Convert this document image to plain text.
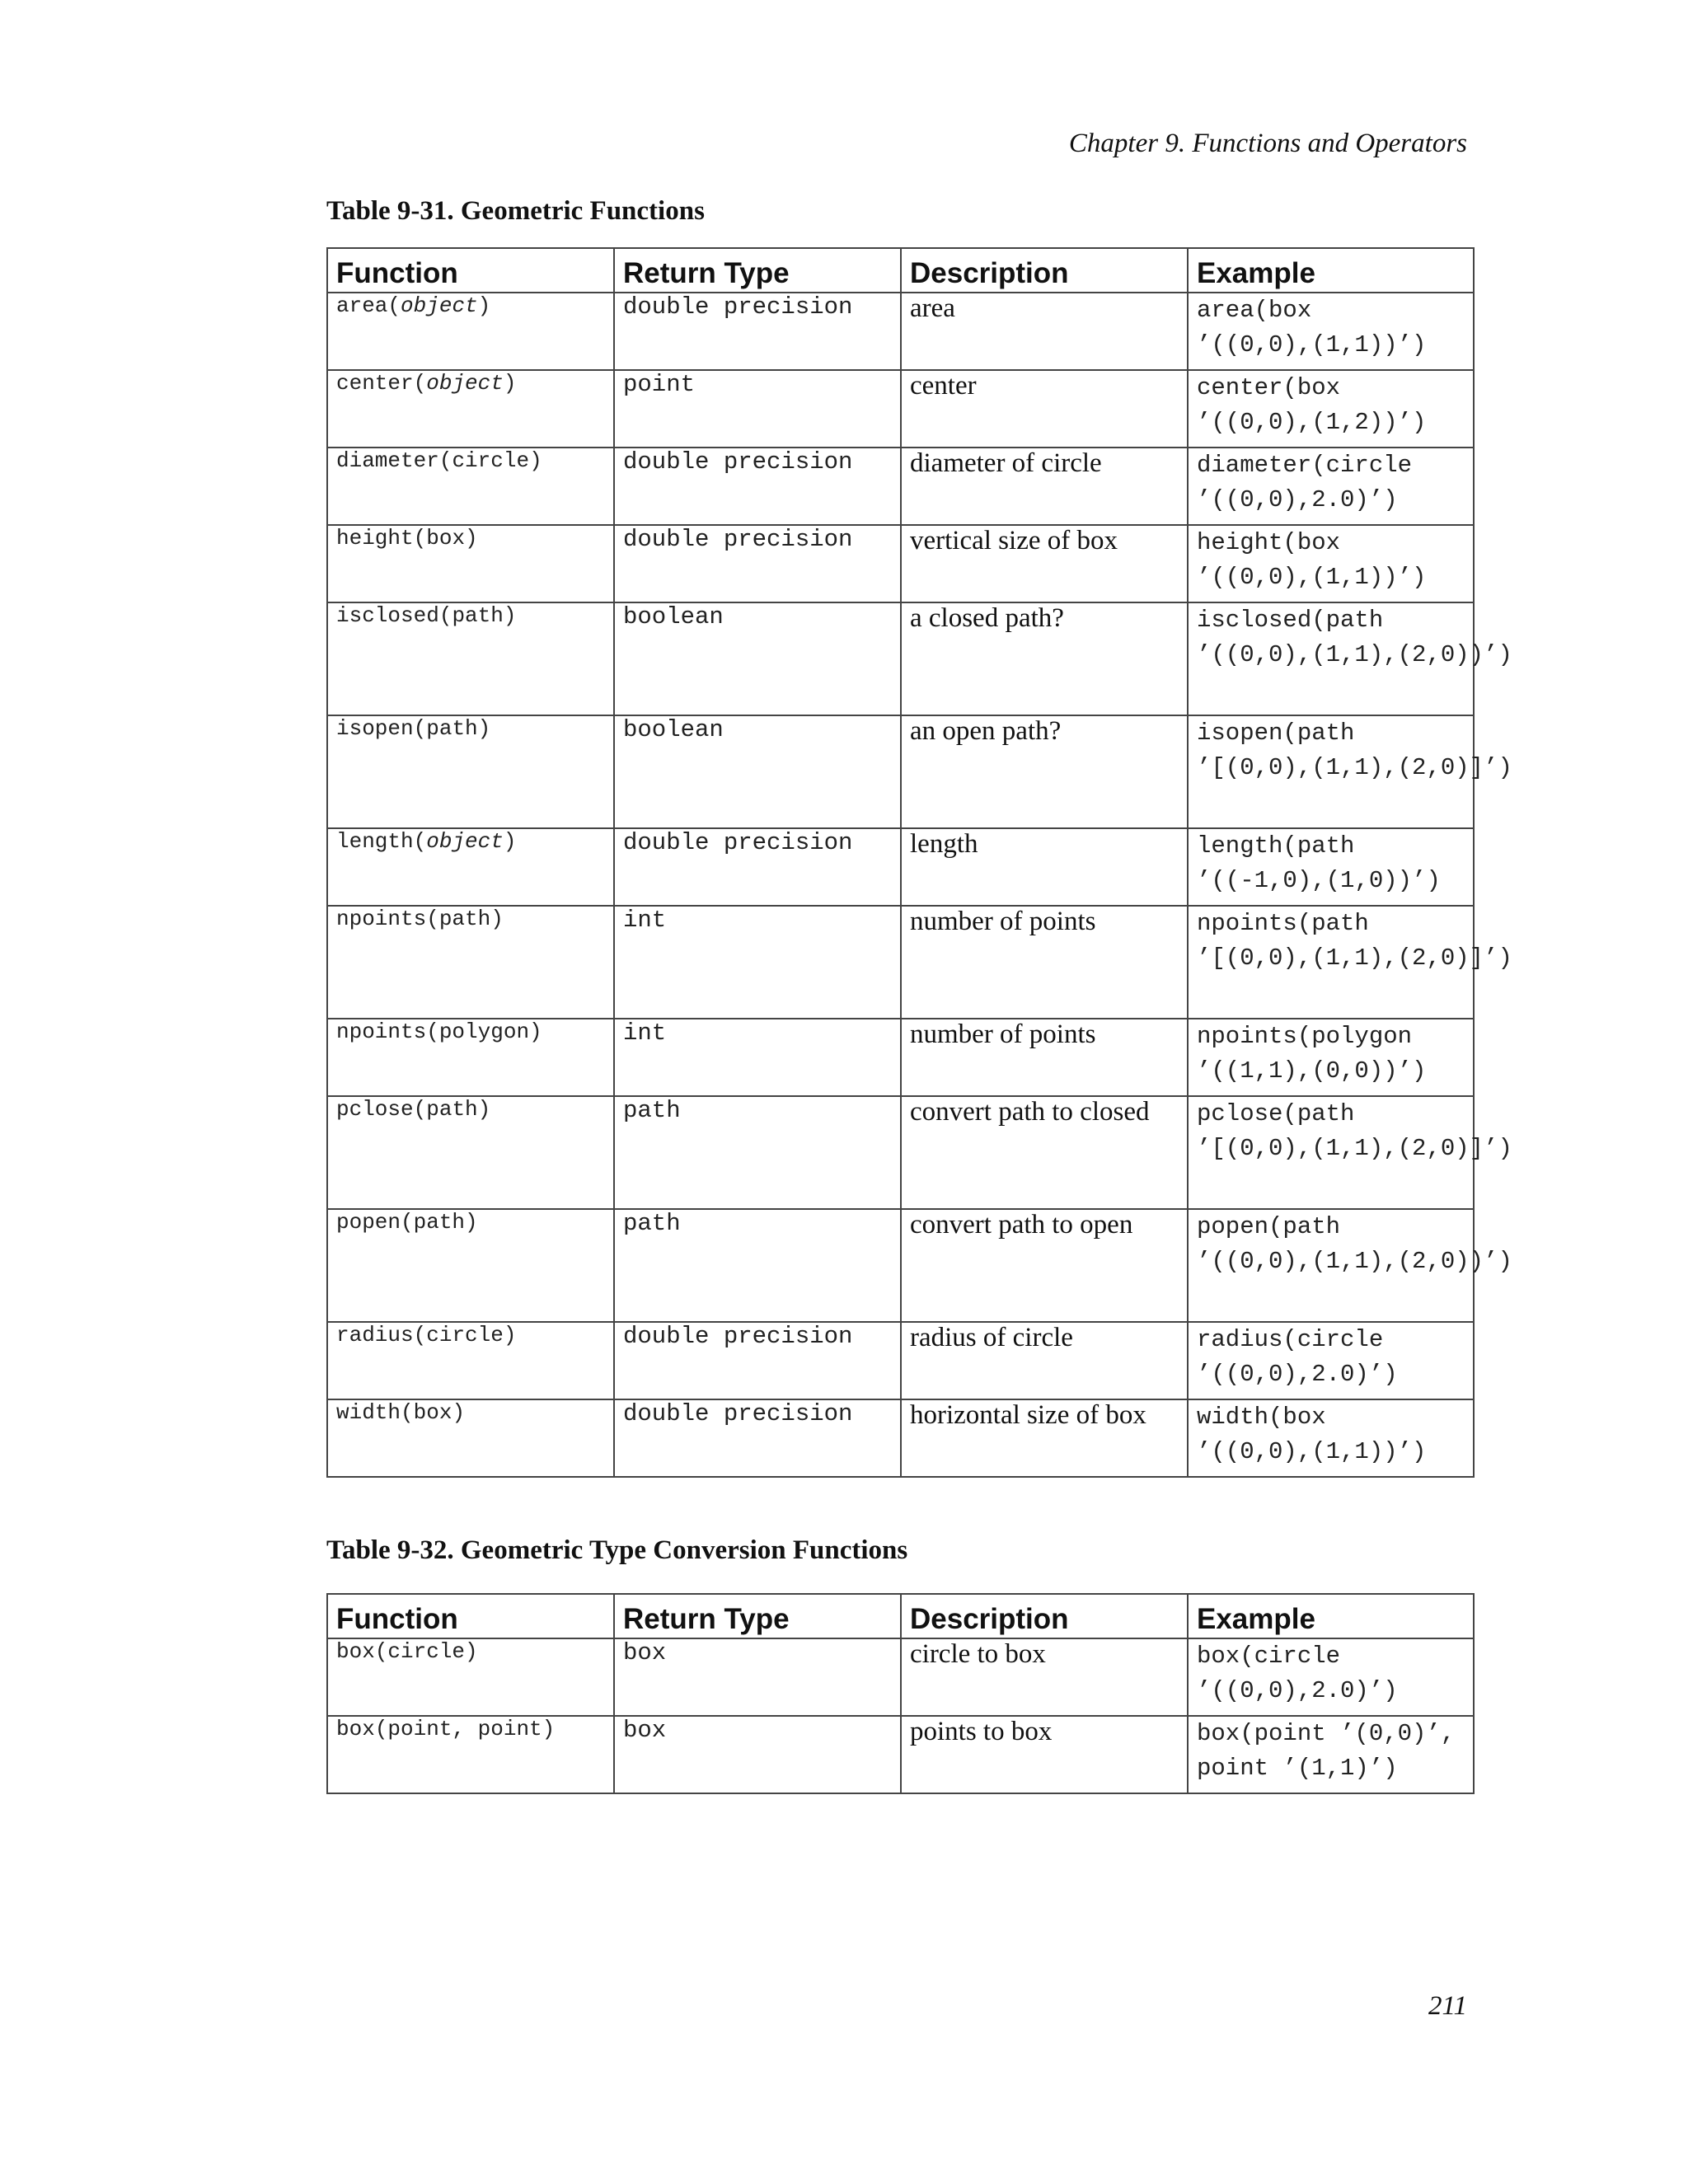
Chapter 9. Functions and Operators
Table 9-31. Geometric Functions
Function	Return Type	Description	Example
area(object)	double precision	area	area(box
’((0,0),(1,1))’)

center(object)	point	center	center(box
’((0,0),(1,2))’)

diameter(circle)	double precision	diameter of circle	diameter(circle
’((0,0),2.0)’)

height(box)	double precision	vertical size of box	height(box
’((0,0),(1,1))’)

isclosed(path)	boolean	a closed path?	isclosed(path
’((0,0),(1,1),(2,0))’)

isopen(path)	boolean	an open path?	isopen(path
’[(0,0),(1,1),(2,0)]’)

length(object)	double precision	length	length(path
’((-1,0),(1,0))’)

npoints(path)	int	number of points	npoints(path
’[(0,0),(1,1),(2,0)]’)

npoints(polygon)	int	number of points	npoints(polygon
’((1,1),(0,0))’)

pclose(path)	path	convert path to closed	pclose(path
’[(0,0),(1,1),(2,0)]’)

popen(path)	path	convert path to open	popen(path
’((0,0),(1,1),(2,0))’)

radius(circle)	double precision	radius of circle	radius(circle
’((0,0),2.0)’)

width(box)	double precision	horizontal size of box	width(box
’((0,0),(1,1))’)
Table 9-32. Geometric Type Conversion Functions
Function	Return Type	Description	Example
box(circle)	box	circle to box	box(circle
’((0,0),2.0)’)

box(point, point)	box	points to box	box(point ’(0,0)’,
point ’(1,1)’)
211
